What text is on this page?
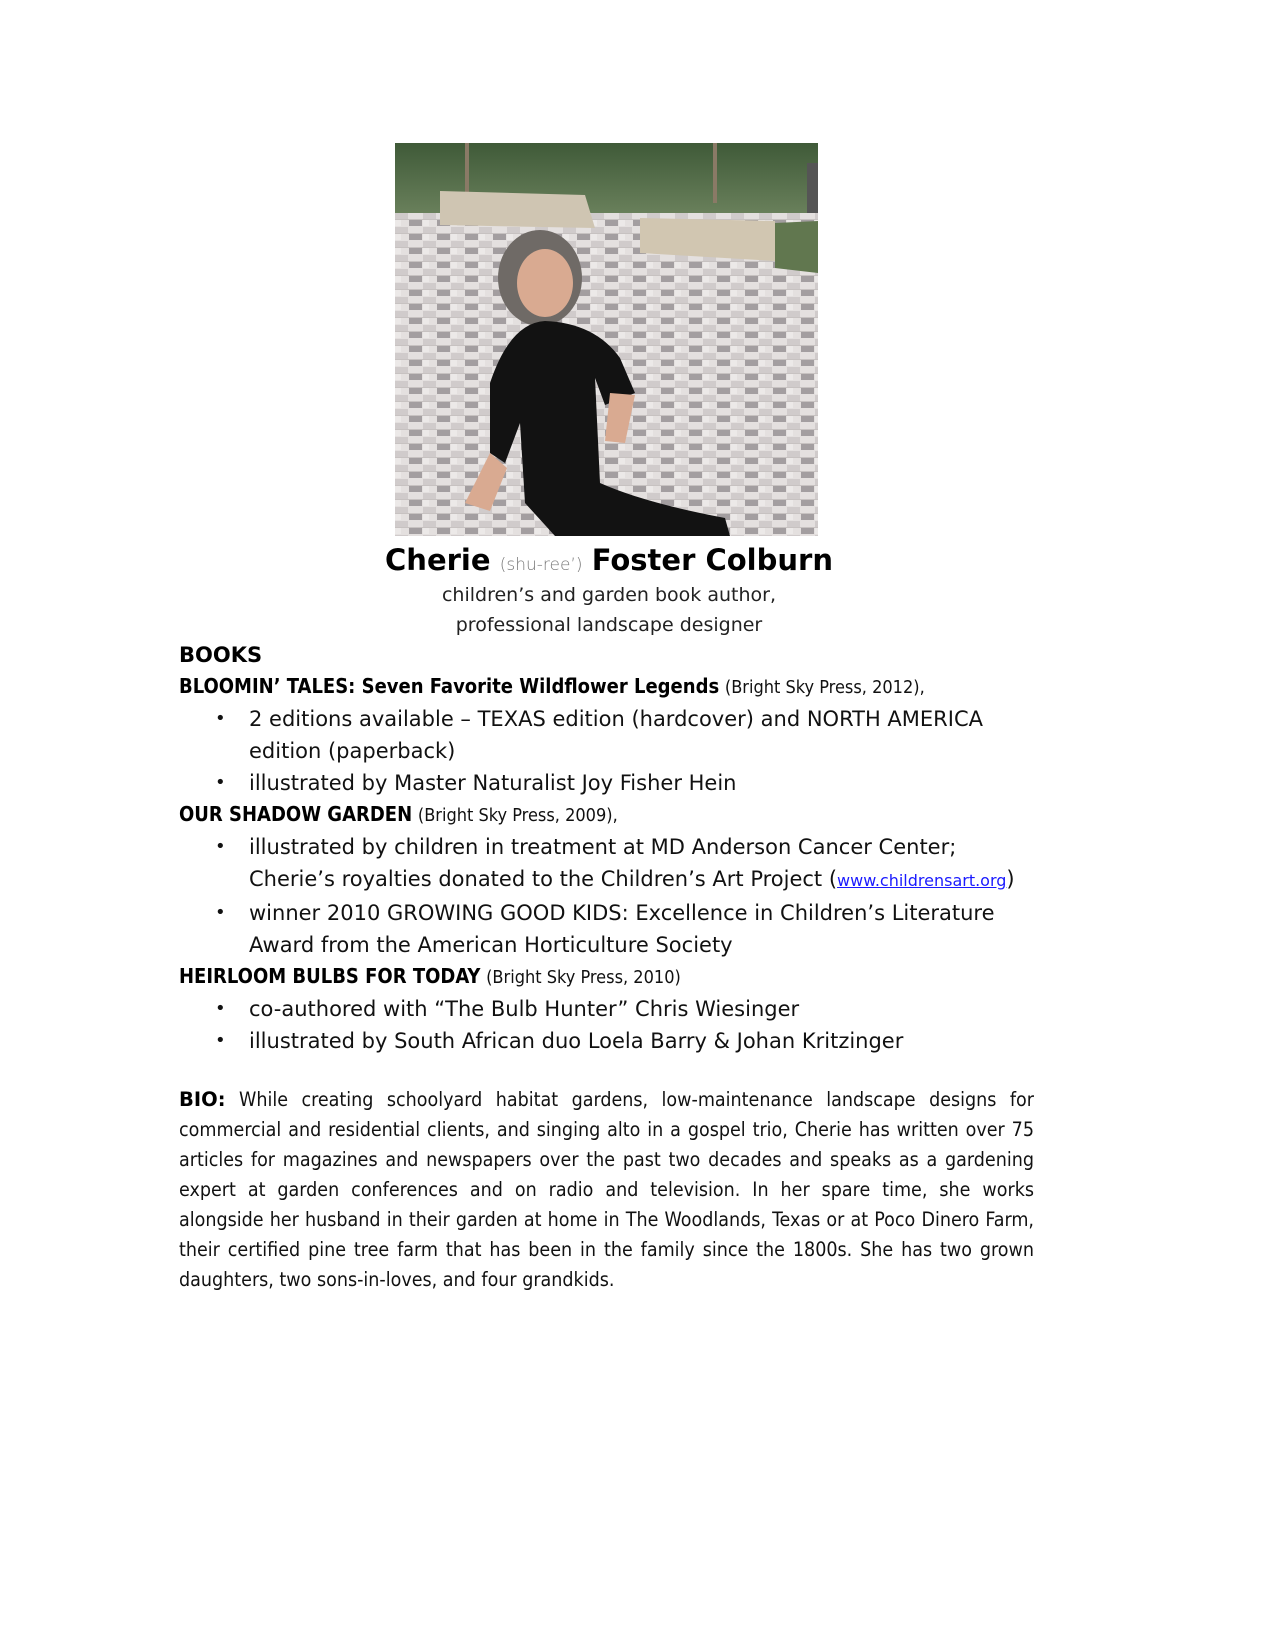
Cherie (shu-ree’) Foster Colburn
children’s and garden book author,
professional landscape designer
BOOKS
BLOOMIN’ TALES: Seven Favorite Wildflower Legends (Bright Sky Press, 2012),
• 2 editions available – TEXAS edition (hardcover) and NORTH AMERICA
edition (paperback)
• illustrated by Master Naturalist Joy Fisher Hein
OUR SHADOW GARDEN (Bright Sky Press, 2009),
• illustrated by children in treatment at MD Anderson Cancer Center;
Cherie’s royalties donated to the Children’s Art Project (www.childrensart.org)
• winner 2010 GROWING GOOD KIDS: Excellence in Children’s Literature
Award from the American Horticulture Society
HEIRLOOM BULBS FOR TODAY (Bright Sky Press, 2010)
• co-authored with “The Bulb Hunter” Chris Wiesinger
• illustrated by South African duo Loela Barry & Johan Kritzinger
BIO: While creating schoolyard habitat gardens, low-maintenance landscape designs for commercial and residential clients, and singing alto in a gospel trio, Cherie has written over 75 articles for magazines and newspapers over the past two decades and speaks as a gardening expert at garden conferences and on radio and television. In her spare time, she works alongside her husband in their garden at home in The Woodlands, Texas or at Poco Dinero Farm, their certified pine tree farm that has been in the family since the 1800s. She has two grown daughters, two sons-in-loves, and four grandkids.
